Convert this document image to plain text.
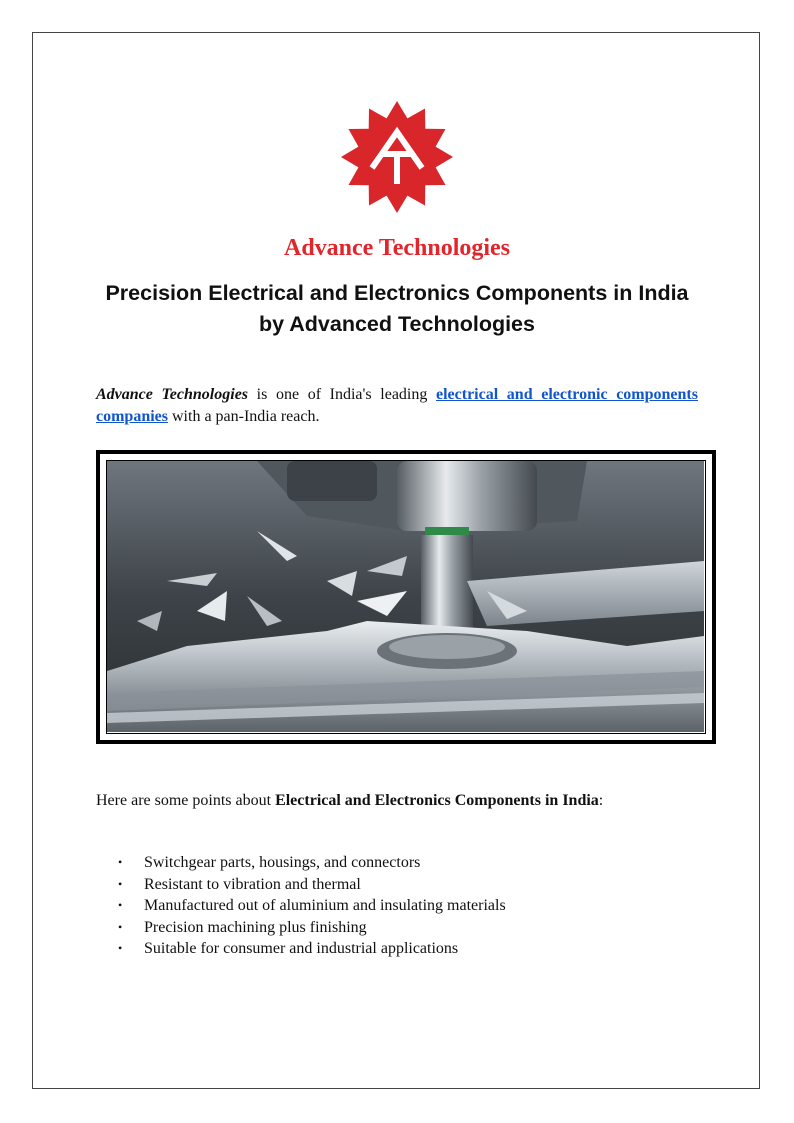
Advance Technologies
Precision Electrical and Electronics Components in India by Advanced Technologies
Advance Technologies is one of India's leading electrical and electronic components companies with a pan-India reach.
Here are some points about Electrical and Electronics Components in India:
• Switchgear parts, housings, and connectors
• Resistant to vibration and thermal
• Manufactured out of aluminium and insulating materials
• Precision machining plus finishing
• Suitable for consumer and industrial applications
